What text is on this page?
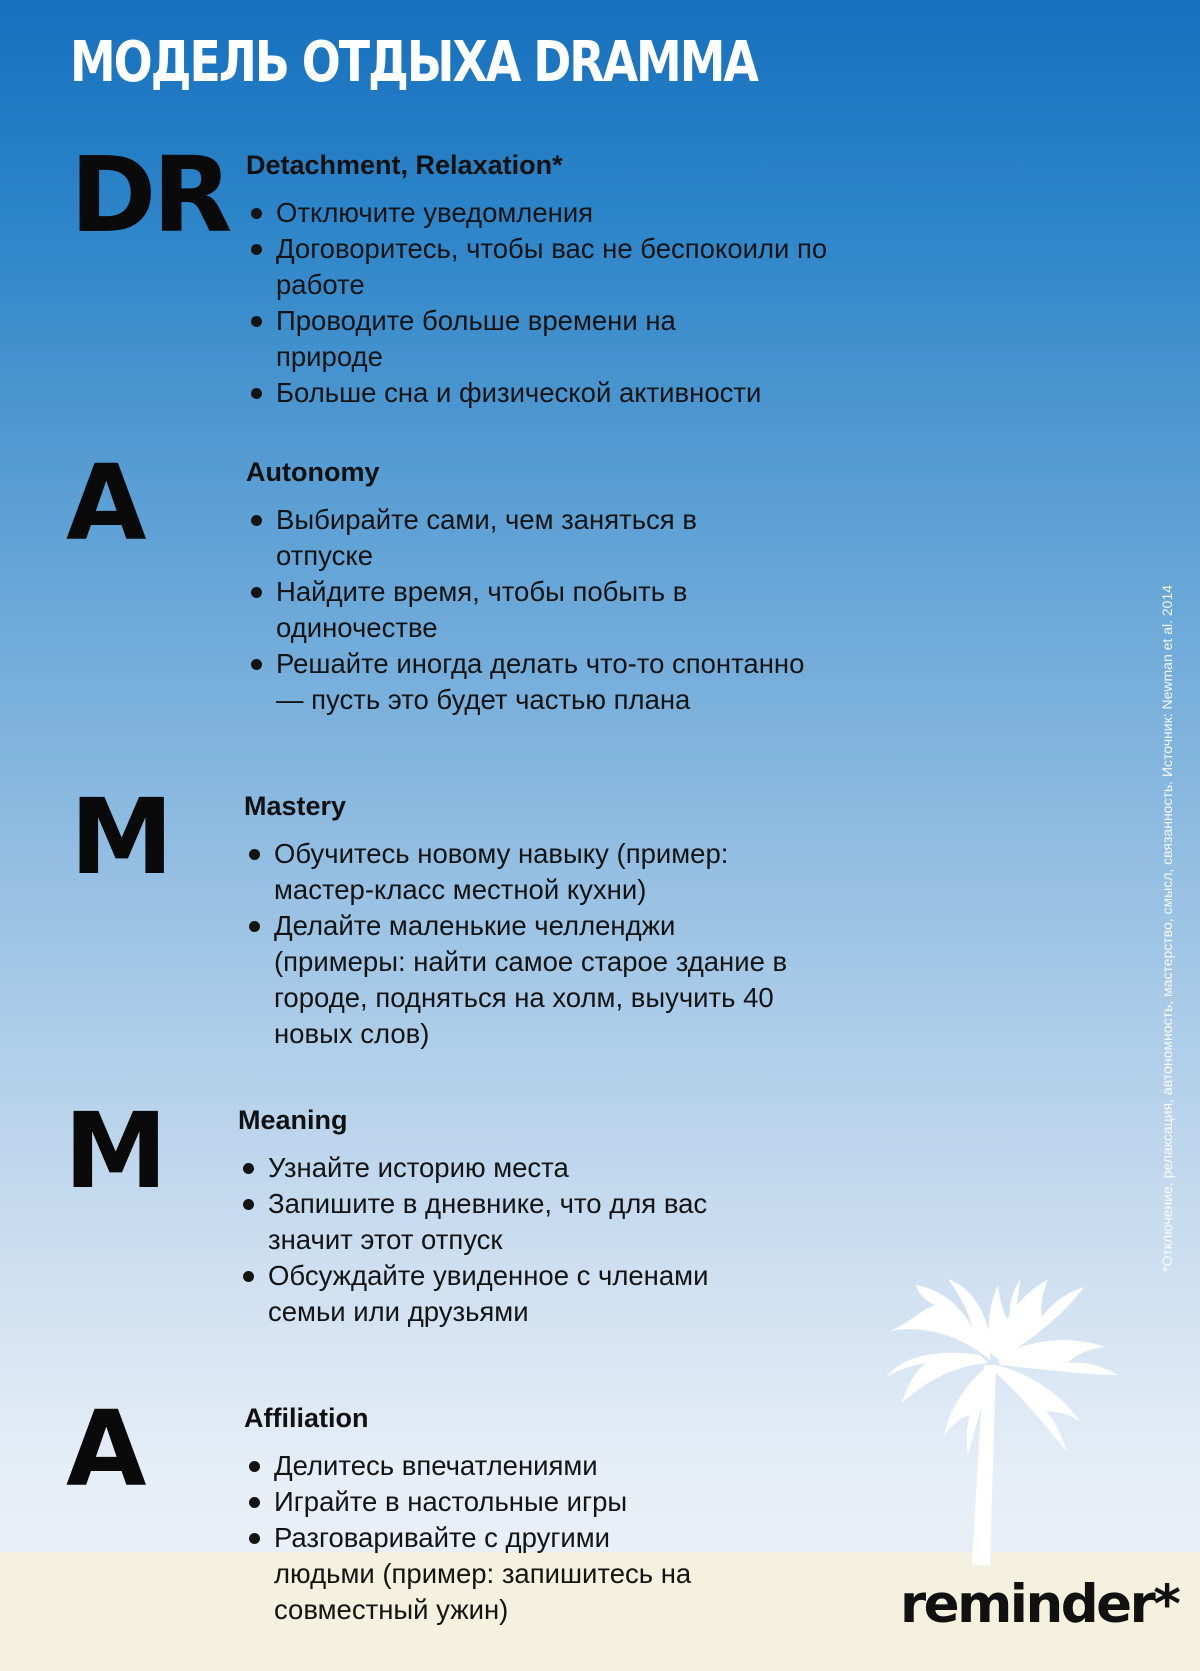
МОДЕЛЬ ОТДЫХА DRAMMA
DR Detachment, Relaxation*
Отключите уведомления
Договоритесь, чтобы вас не беспокоили по работе
Проводите больше времени на природе
Больше сна и физической активности
A	Autonomy
Выбирайте сами, чем заняться в отпуске
Найдите время, чтобы побыть в одиночестве
Решайте иногда делать что-то спонтанно — пусть это будет частью плана
M	Mastery
Обучитесь новому навыку (пример: мастер-класс местной кухни)
Делайте маленькие челленджи (примеры: найти самое старое здание в городе, подняться на холм, выучить 40 новых слов)
M	Meaning
Узнайте историю места
Запишите в дневнике, что для вас значит этот отпуск
Обсуждайте увиденное с членами семьи или друзьями
A	Affiliation
Делитесь впечатлениями
Играйте в настольные игры
Разговаривайте с другими людьми (пример: запишитесь на совместный ужин)
*Отключение, релаксация, автономность, мастерство, смысл, связанность. Источник: Newman et al. 2014
reminder*
